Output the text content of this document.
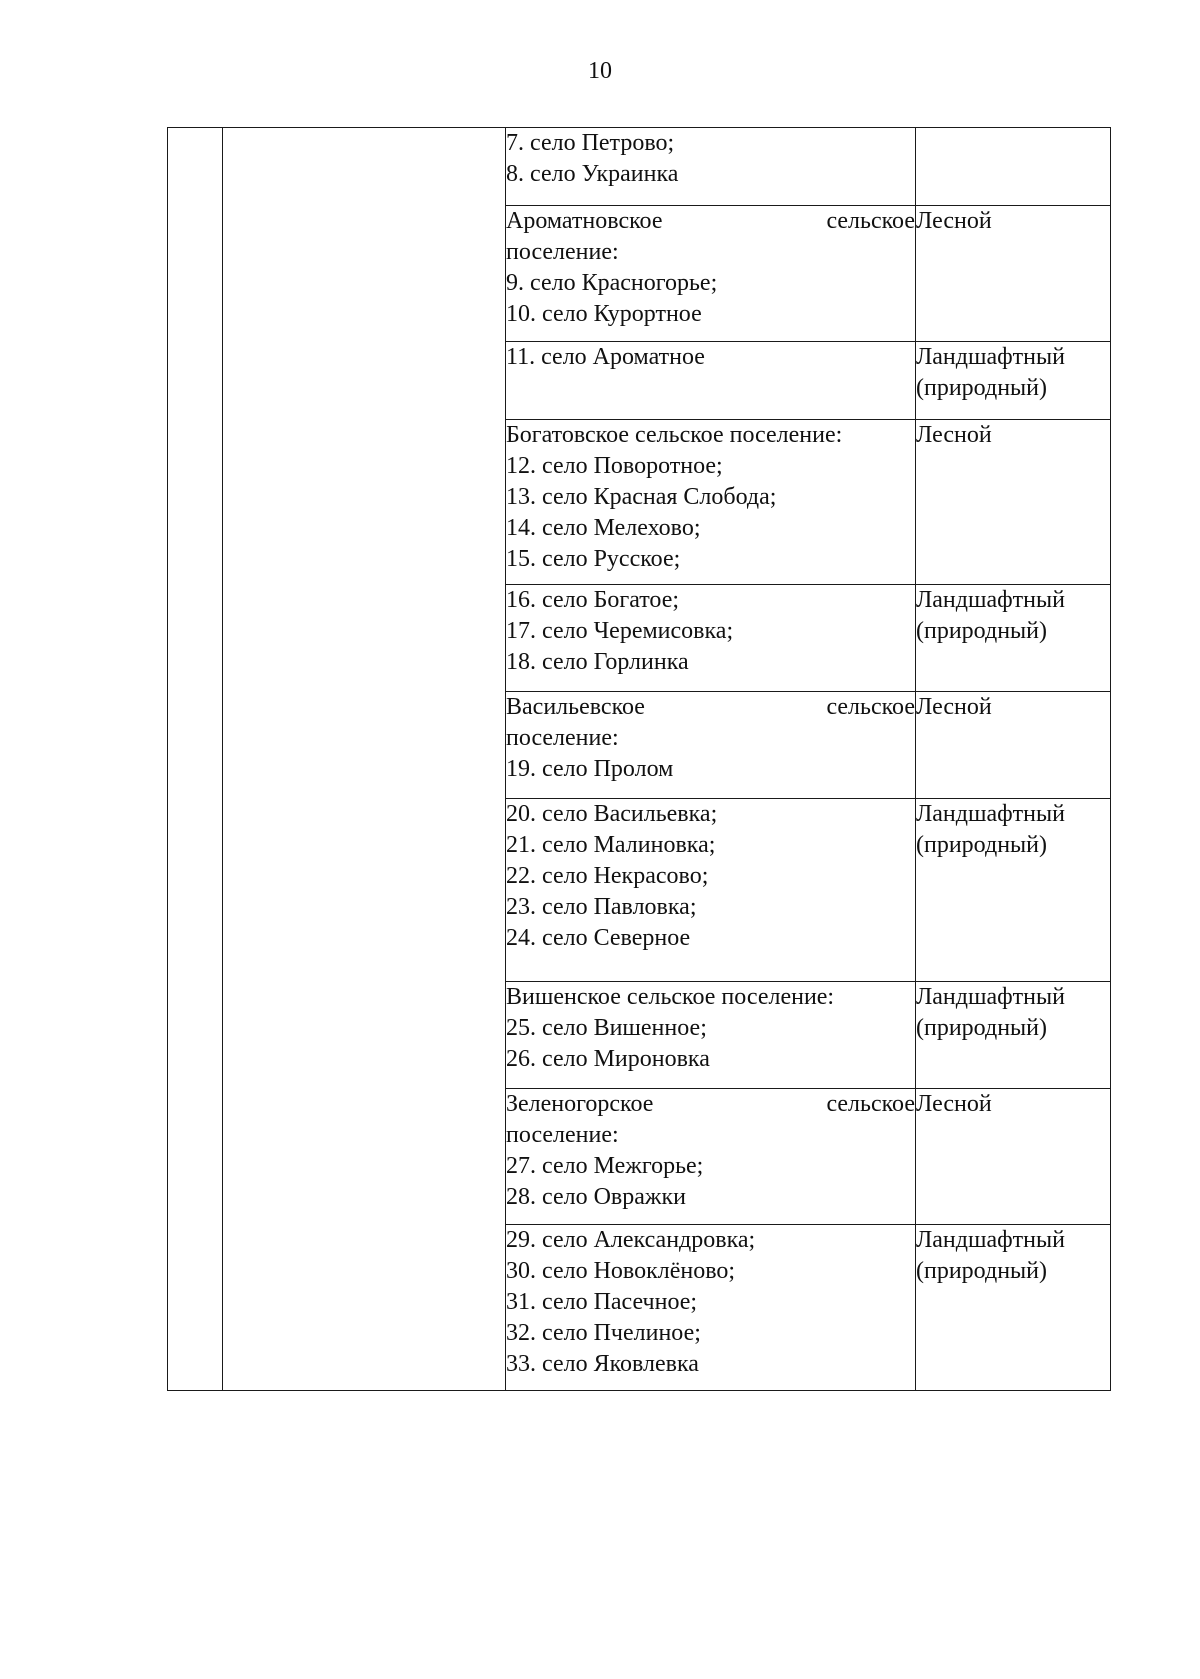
10

		7. село Петрово;
8. село Украинка	

		Ароматновское сельское
поселение:
9. село Красногорье;
10. село Курортное	Лесной

		11. село Ароматное	Ландшафтный
(природный)

		Богатовское сельское поселение:
12. село Поворотное;
13. село Красная Слобода;
14. село Мелехово;
15. село Русское;	Лесной

		16. село Богатое;
17. село Черемисовка;
18. село Горлинка	Ландшафтный
(природный)

		Васильевское сельское
поселение:
19. село Пролом	Лесной

		20. село Васильевка;
21. село Малиновка;
22. село Некрасово;
23. село Павловка;
24. село Северное	Ландшафтный
(природный)

		Вишенское сельское поселение:
25. село Вишенное;
26. село Мироновка	Ландшафтный
(природный)

		Зеленогорское сельское
поселение:
27. село Межгорье;
28. село Овражки	Лесной

		29. село Александровка;
30. село Новоклёново;
31. село Пасечное;
32. село Пчелиное;
33. село Яковлевка	Ландшафтный
(природный)
